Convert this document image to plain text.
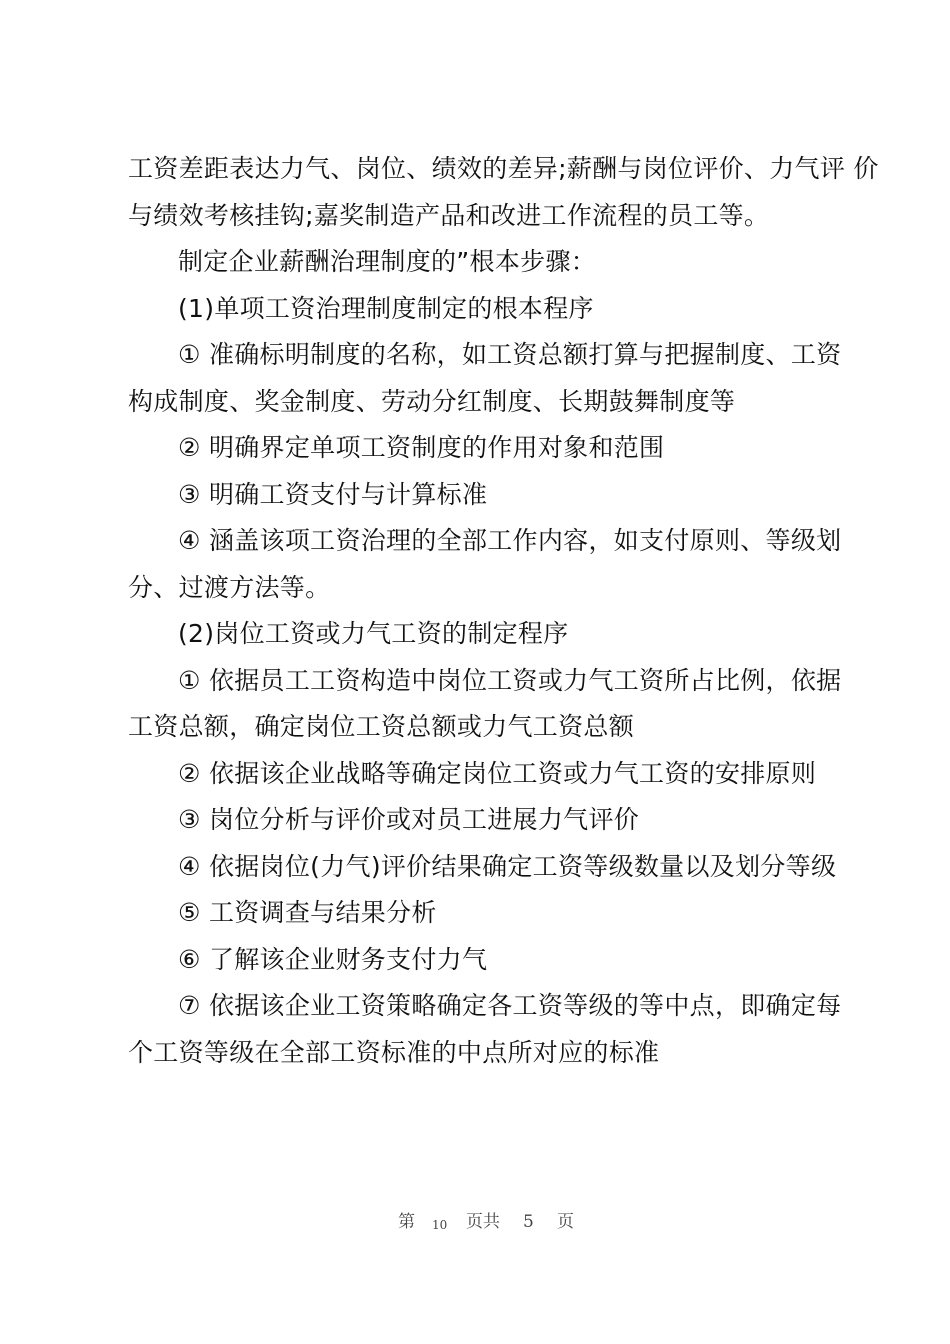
工资差距表达力气、岗位、绩效的差异;薪酬与岗位评价、力气评 价
与绩效考核挂钩;嘉奖制造产品和改进工作流程的员工等。

制定企业薪酬治理制度的”根本步骤：

(1)单项工资治理制度制定的根本程序

① 准确标明制度的名称，如工资总额打算与把握制度、工资

构成制度、奖金制度、劳动分红制度、长期鼓舞制度等

② 明确界定单项工资制度的作用对象和范围

③ 明确工资支付与计算标准

④ 涵盖该项工资治理的全部工作内容，如支付原则、等级划

分、过渡方法等。

(2)岗位工资或力气工资的制定程序

① 依据员工工资构造中岗位工资或力气工资所占比例，依据

工资总额，确定岗位工资总额或力气工资总额

② 依据该企业战略等确定岗位工资或力气工资的安排原则

③ 岗位分析与评价或对员工进展力气评价

④ 依据岗位(力气)评价结果确定工资等级数量以及划分等级

⑤ 工资调查与结果分析

⑥ 了解该企业财务支付力气

⑦ 依据该企业工资策略确定各工资等级的等中点，即确定每

个工资等级在全部工资标准的中点所对应的标准

第 10 页共 5 页
